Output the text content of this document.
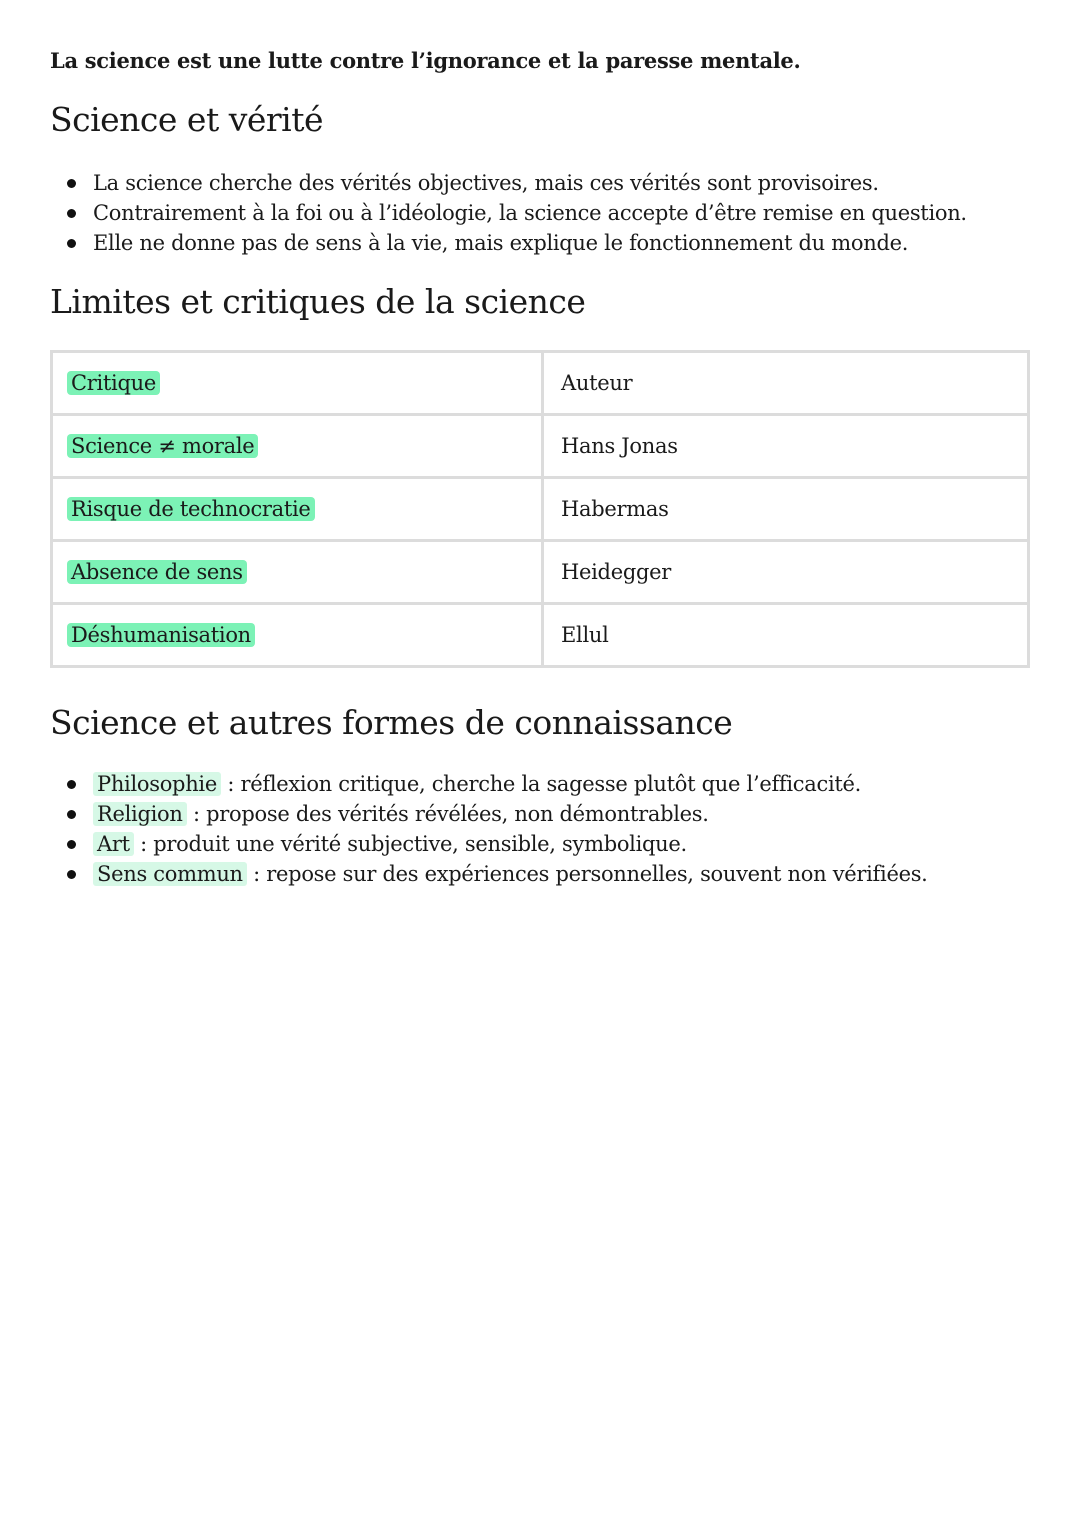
La science est une lutte contre l’ignorance et la paresse mentale.
Science et vérité
La science cherche des vérités objectives, mais ces vérités sont provisoires.
Contrairement à la foi ou à l’idéologie, la science accepte d’être remise en question.
Elle ne donne pas de sens à la vie, mais explique le fonctionnement du monde.
Limites et critiques de la science
Critique	Auteur
Science ≠ morale	Hans Jonas
Risque de technocratie	Habermas
Absence de sens	Heidegger
Déshumanisation	Ellul
Science et autres formes de connaissance
Philosophie : réflexion critique, cherche la sagesse plutôt que l’efficacité.
Religion : propose des vérités révélées, non démontrables.
Art : produit une vérité subjective, sensible, symbolique.
Sens commun : repose sur des expériences personnelles, souvent non vérifiées.
